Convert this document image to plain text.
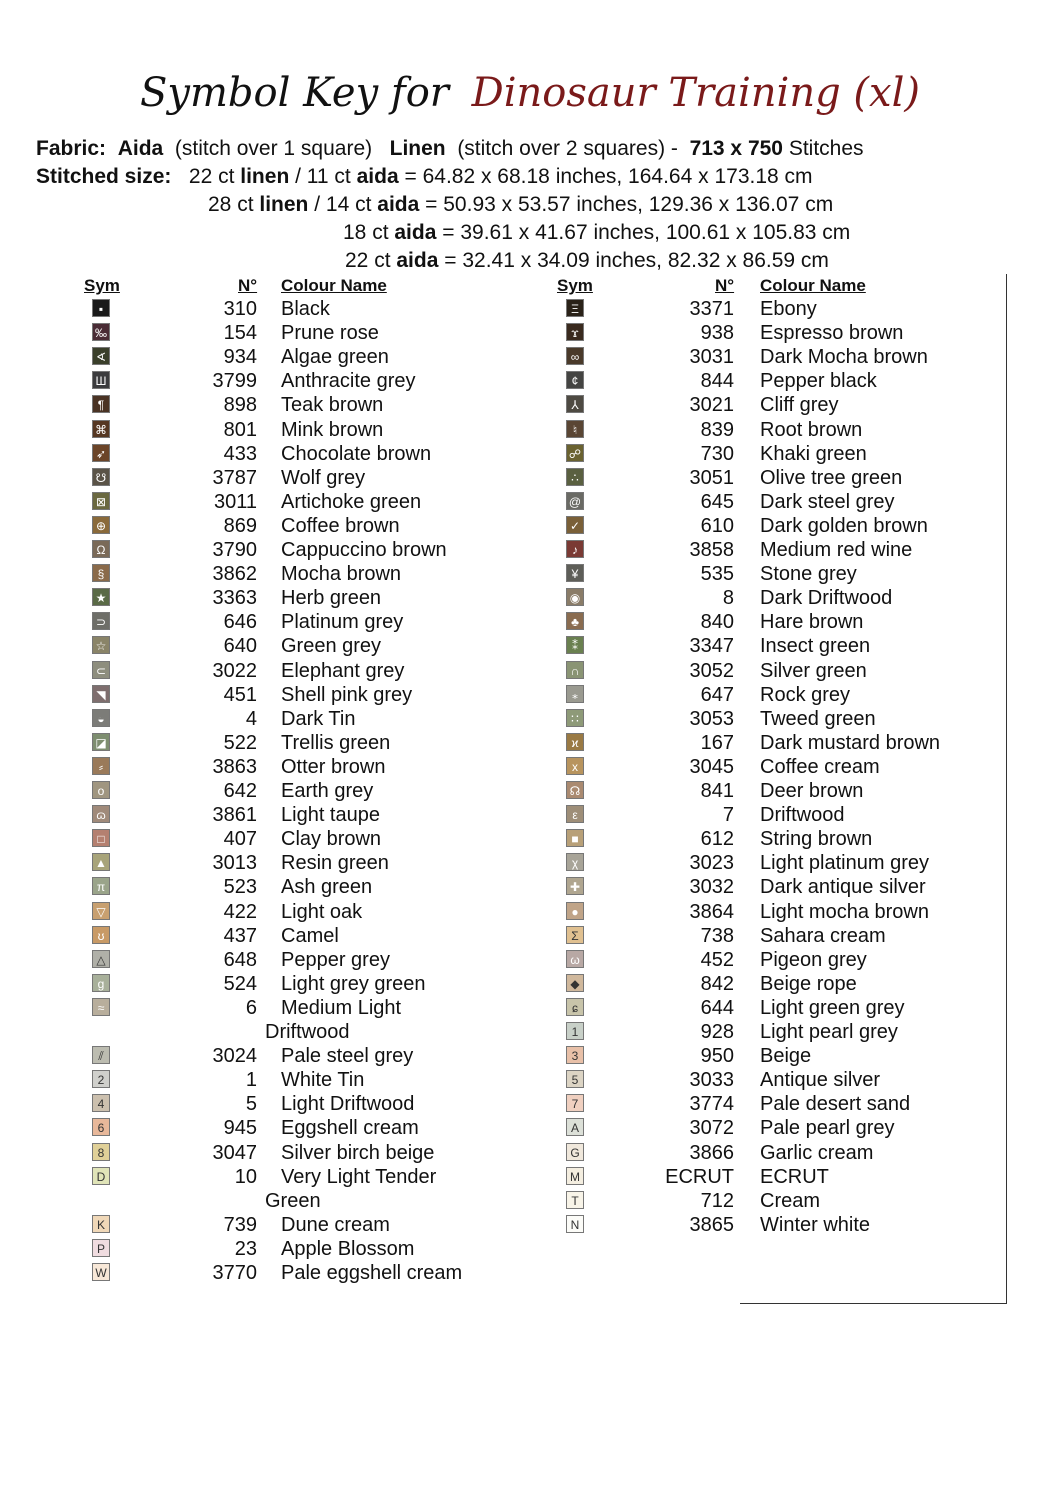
Symbol Key for Dinosaur Training (xl)
Fabric: Aida (stitch over 1 square) Linen (stitch over 2 squares) - 713 x 750 Stitches
Stitched size: 22 ct linen / 11 ct aida = 64.82 x 68.18 inches, 164.64 x 173.18 cm
28 ct linen / 14 ct aida = 50.93 x 53.57 inches, 129.36 x 136.07 cm
18 ct aida = 39.61 x 41.67 inches, 100.61 x 105.83 cm
22 ct aida = 32.41 x 34.09 inches, 82.32 x 86.59 cm
Sym	N° Colour Name	Sym	N° Colour Name
▪	310 Black
‰	154 Prune rose
∢	934 Algae green
Ш	3799 Anthracite grey
¶	898 Teak brown
⌘	801 Mink brown
➶	433 Chocolate brown
☋	3787 Wolf grey
⊠	3011 Artichoke green
⊕	869 Coffee brown
Ω	3790 Cappuccino brown
§	3862 Mocha brown
★	3363 Herb green
⊃	646 Platinum grey
☆	640 Green grey
⊂	3022 Elephant grey
◥	451 Shell pink grey
◒	4 Dark Tin
◪	522 Trellis green
⸗	3863 Otter brown
о	642 Earth grey
ɷ	3861 Light taupe
□	407 Clay brown
▲	3013 Resin green
π	523 Ash green
▽	422 Light oak
ʊ	437 Camel
△	648 Pepper grey
g	524 Light grey green
≈	6 Medium Light
Driftwood
⫽	3024 Pale steel grey
2	1 White Tin
4	5 Light Driftwood
6	945 Eggshell cream
8	3047 Silver birch beige
D	10 Very Light Tender
Green
K	739 Dune cream
P	23 Apple Blossom
W	3770 Pale eggshell cream
Ξ	3371 Ebony
ϫ	938 Espresso brown
∞	3031 Dark Mocha brown
¢	844 Pepper black
⅄	3021 Cliff grey
♮	839 Root brown
☍	730 Khaki green
∴	3051 Olive tree green
@	645 Dark steel grey
✓	610 Dark golden brown
♪	3858 Medium red wine
¥	535 Stone grey
◉	8 Dark Driftwood
♣	840 Hare brown
⁑	3347 Insect green
∩	3052 Silver green
⁎	647 Rock grey
∷	3053 Tweed green
ϰ	167 Dark mustard brown
x	3045 Coffee cream
☊	841 Deer brown
ε	7 Driftwood
■	612 String brown
χ	3023 Light platinum grey
✚	3032 Dark antique silver
●	3864 Light mocha brown
Σ	738 Sahara cream
ω	452 Pigeon grey
◆	842 Beige rope
ɕ	644 Light green grey
1	928 Light pearl grey
3	950 Beige
5	3033 Antique silver
7	3774 Pale desert sand
A	3072 Pale pearl grey
G	3866 Garlic cream
M	ECRUT ECRUT
T	712 Cream
N	3865 Winter white
